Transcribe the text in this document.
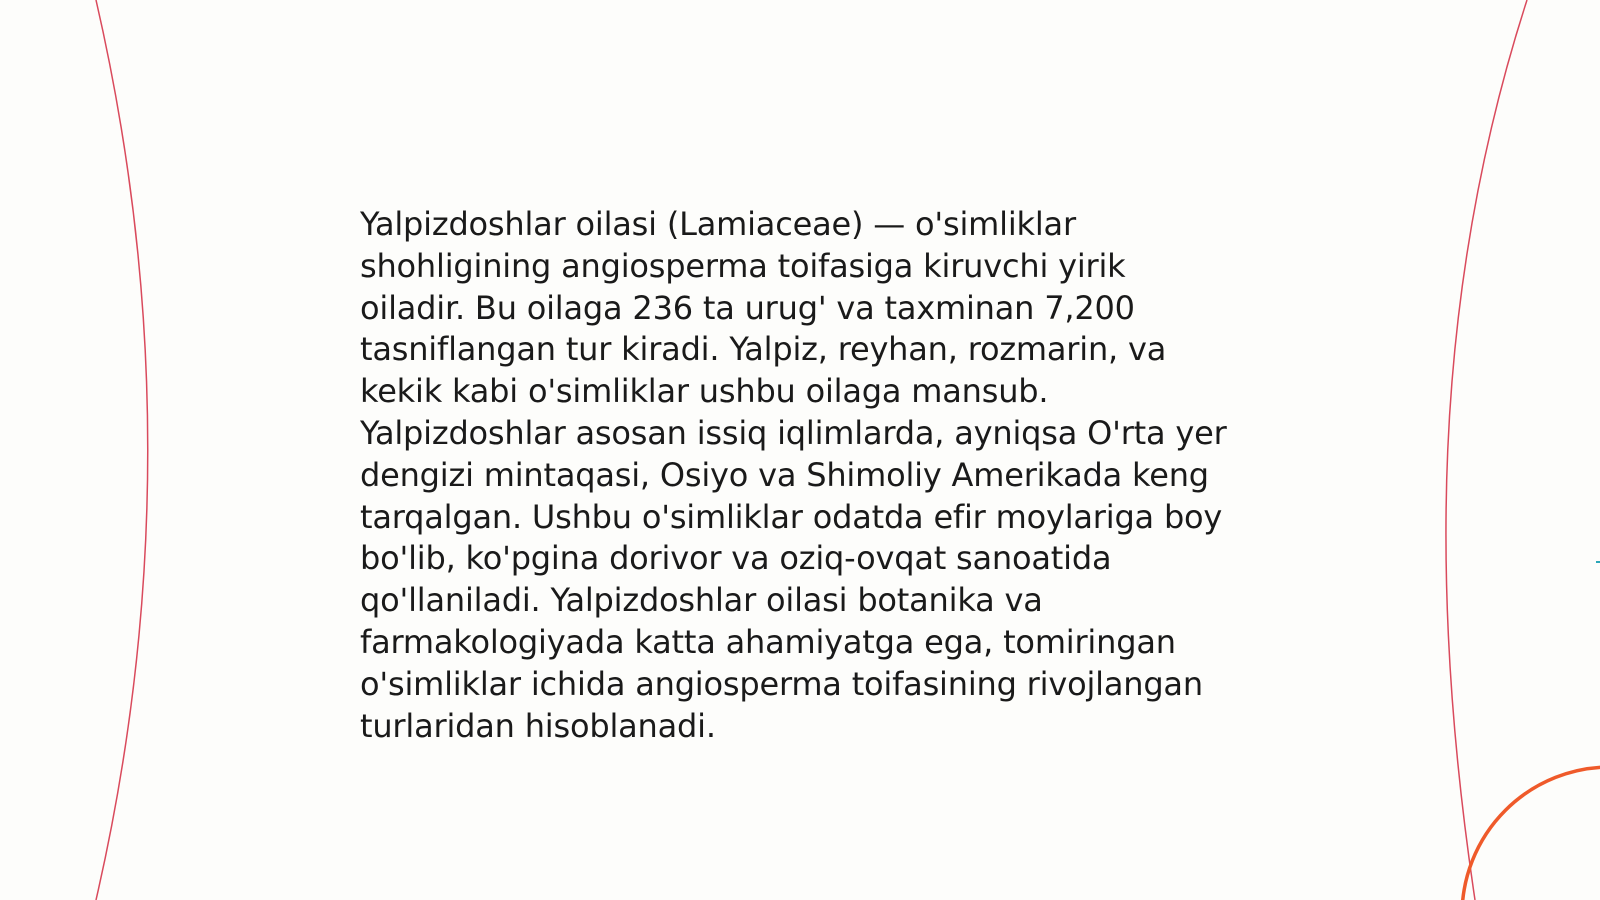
Yalpizdoshlar oilasi (Lamiaceae) — o'simliklar shohligining angiosperma toifasiga kiruvchi yirik oiladir. Bu oilaga 236 ta urug' va taxminan 7,200 tasniflangan tur kiradi. Yalpiz, reyhan, rozmarin, va kekik kabi o'simliklar ushbu oilaga mansub. Yalpizdoshlar asosan issiq iqlimlarda, ayniqsa O'rta yer dengizi mintaqasi, Osiyo va Shimoliy Amerikada keng tarqalgan. Ushbu o'simliklar odatda efir moylariga boy bo'lib, ko'pgina dorivor va oziq-ovqat sanoatida qo'llaniladi. Yalpizdoshlar oilasi botanika va farmakologiyada katta ahamiyatga ega, tomiringan o'simliklar ichida angiosperma toifasining rivojlangan turlaridan hisoblanadi.
